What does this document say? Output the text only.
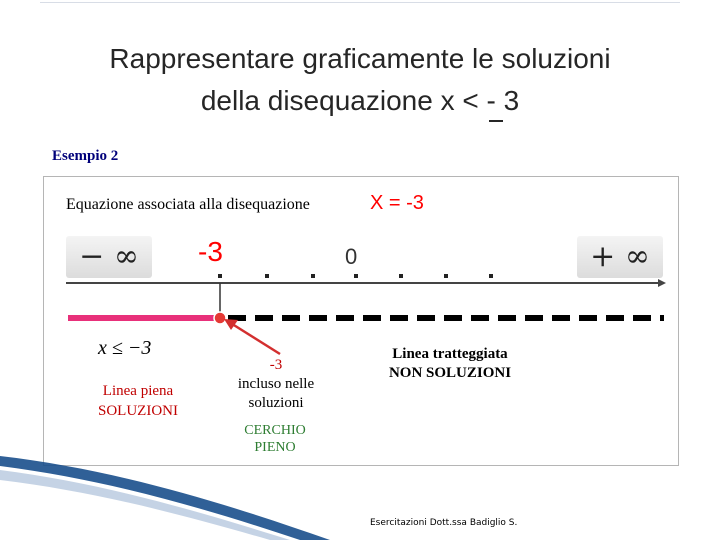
Rappresentare graficamente le soluzioni
della disequazione x < - 3
Esempio 2
Equazione associata alla disequazione	X = -3
− ∞	+ ∞
-3	0
x ≤ −3
Linea piena
SOLUZIONI
-3
incluso nelle
soluzioni
CERCHIO
PIENO
Linea tratteggiata
NON SOLUZIONI
Esercitazioni Dott.ssa Badiglio S.
